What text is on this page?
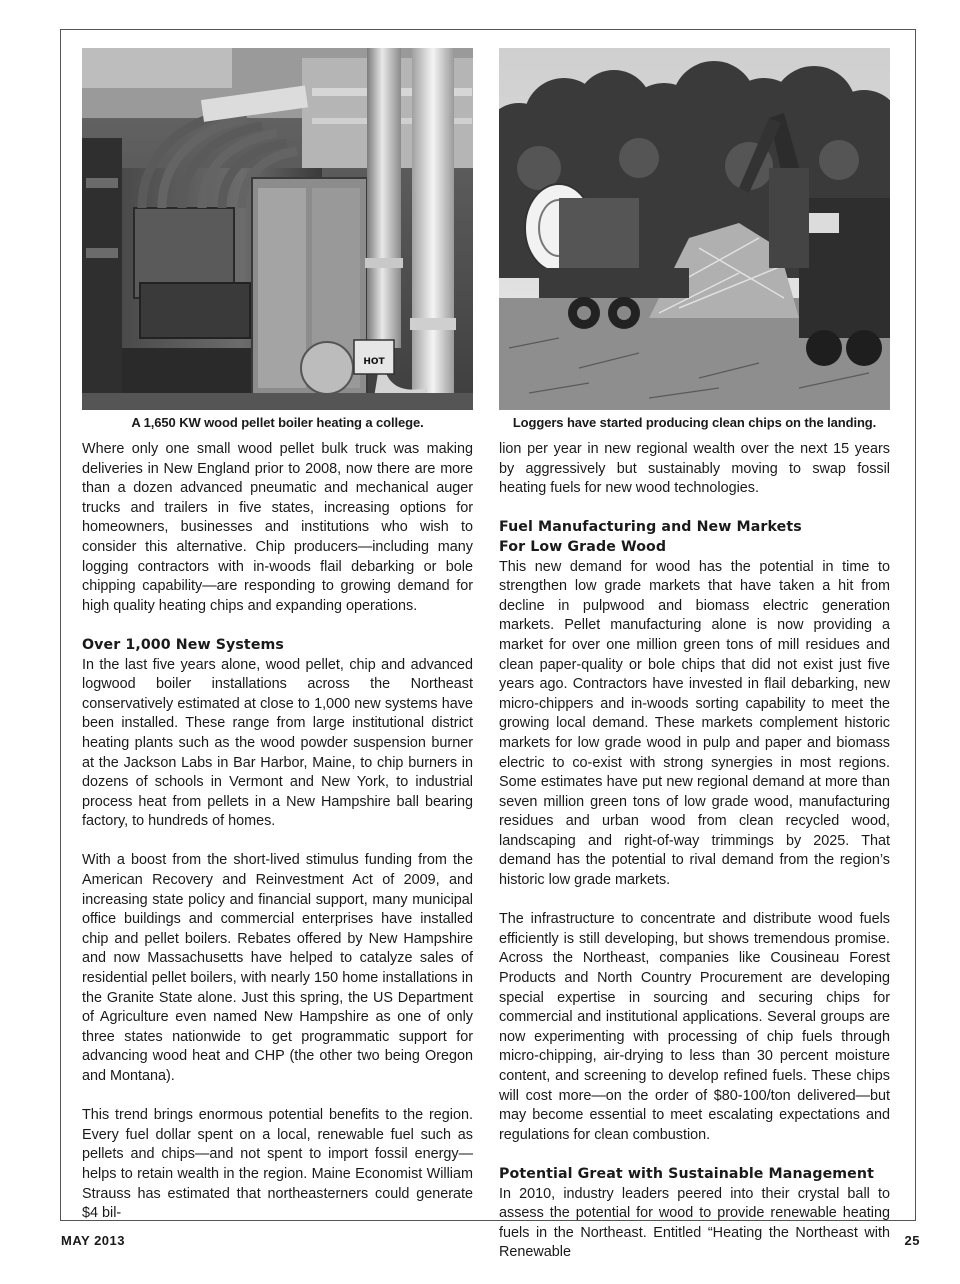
HOT
A 1,650 KW wood pellet boiler heating a college.	Loggers have started producing clean chips on the landing.

Where only one small wood pellet bulk truck was making deliveries in New England prior to 2008, now there are more than a dozen advanced pneumatic and mechanical auger trucks and trailers in five states, increasing options for homeowners, businesses and institutions who wish to consider this alternative. Chip producers—including many logging contractors with in-woods flail debarking or bole chipping capability—are responding to growing demand for high quality heating chips and expanding operations.

Over 1,000 New Systems

In the last five years alone, wood pellet, chip and advanced logwood boiler installations across the Northeast conservatively estimated at close to 1,000 new systems have been installed. These range from large institutional district heating plants such as the wood powder suspension burner at the Jackson Labs in Bar Harbor, Maine, to chip burners in dozens of schools in Vermont and New York, to industrial process heat from pellets in a New Hampshire ball bearing factory, to hundreds of homes.

With a boost from the short-lived stimulus funding from the American Recovery and Reinvestment Act of 2009, and increasing state policy and financial support, many municipal office buildings and commercial enterprises have installed chip and pellet boilers. Rebates offered by New Hampshire and now Massachusetts have helped to catalyze sales of residential pellet boilers, with nearly 150 home installations in the Granite State alone. Just this spring, the US Department of Agriculture even named New Hampshire as one of only three states nationwide to get programmatic support for advancing wood heat and CHP (the other two being Oregon and Montana).

This trend brings enormous potential benefits to the region. Every fuel dollar spent on a local, renewable fuel such as pellets and chips—and not spent to import fossil energy—helps to retain wealth in the region. Maine Economist William Strauss has estimated that northeasterners could generate $4 bil-

lion per year in new regional wealth over the next 15 years by aggressively but sustainably moving to swap fossil heating fuels for new wood technologies.

Fuel Manufacturing and New Markets
For Low Grade Wood

This new demand for wood has the potential in time to strengthen low grade markets that have taken a hit from decline in pulpwood and biomass electric generation markets. Pellet manufacturing alone is now providing a market for over one million green tons of mill residues and clean paper-quality or bole chips that did not exist just five years ago. Contractors have invested in flail debarking, new micro-chippers and in-woods sorting capability to meet the growing local demand. These markets complement historic markets for low grade wood in pulp and paper and biomass electric to co-exist with strong synergies in most regions. Some estimates have put new regional demand at more than seven million green tons of low grade wood, manufacturing residues and urban wood from clean recycled wood, landscaping and right-of-way trimmings by 2025. That demand has the potential to rival demand from the region’s historic low grade markets.

The infrastructure to concentrate and distribute wood fuels efficiently is still developing, but shows tremendous promise. Across the Northeast, companies like Cousineau Forest Products and North Country Procurement are developing special expertise in sourcing and securing chips for commercial and institutional applications. Several groups are now experimenting with processing of chip fuels through micro-chipping, air-drying to less than 30 percent moisture content, and screening to develop refined fuels. These chips will cost more—on the order of $80-100/ton delivered—but may become essential to meet escalating expectations and regulations for clean combustion.

Potential Great with Sustainable Management

In 2010, industry leaders peered into their crystal ball to assess the potential for wood to provide renewable heating fuels in the Northeast. Entitled “Heating the Northeast with Renewable

MAY 2013	25
